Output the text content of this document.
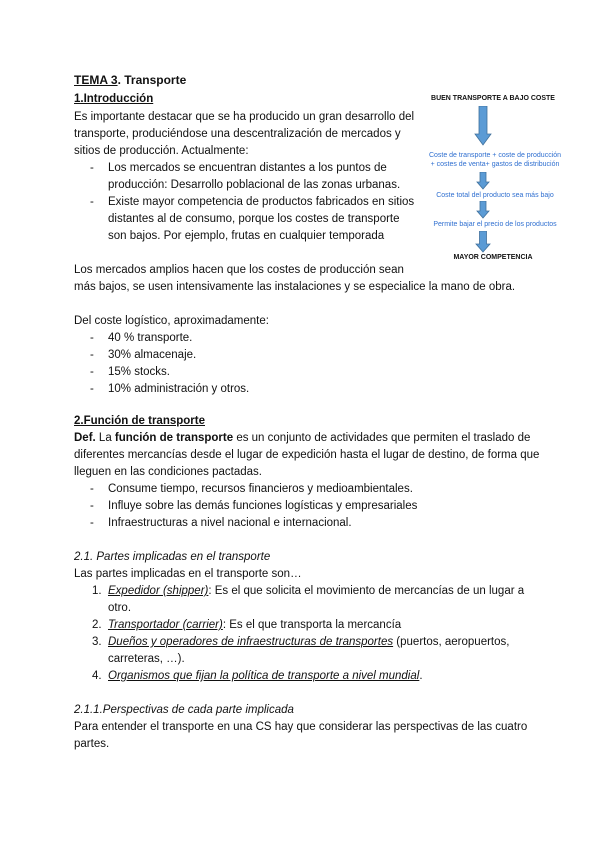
TEMA 3. Transporte
1.Introducción
Es importante destacar que se ha producido un gran desarrollo del
transporte, produciéndose una descentralización de mercados y
sitios de producción. Actualmente:
- Los mercados se encuentran distantes a los puntos de
producción: Desarrollo poblacional de las zonas urbanas.
- Existe mayor competencia de productos fabricados en sitios
distantes al de consumo, porque los costes de transporte
son bajos. Por ejemplo, frutas en cualquier temporada
Los mercados amplios hacen que los costes de producción sean
más bajos, se usen intensivamente las instalaciones y se especialice la mano de obra.
Del coste logístico, aproximadamente:
- 40 % transporte.
- 30% almacenaje.
- 15% stocks.
- 10% administración y otros.
BUEN TRANSPORTE A BAJO COSTE
Coste de transporte + coste de producción
+ costes de venta+ gastos de distribución
Coste total del producto sea más bajo
Permite bajar el precio de los productos
MAYOR COMPETENCIA
2.Función de transporte
Def. La función de transporte es un conjunto de actividades que permiten el traslado de
diferentes mercancías desde el lugar de expedición hasta el lugar de destino, de forma que
lleguen en las condiciones pactadas.
- Consume tiempo, recursos financieros y medioambientales.
- Influye sobre las demás funciones logísticas y empresariales
- Infraestructuras a nivel nacional e internacional.
2.1. Partes implicadas en el transporte
Las partes implicadas en el transporte son…
1. Expedidor (shipper): Es el que solicita el movimiento de mercancías de un lugar a
otro.
2. Transportador (carrier): Es el que transporta la mercancía
3. Dueños y operadores de infraestructuras de transportes (puertos, aeropuertos,
carreteras, …).
4. Organismos que fijan la política de transporte a nivel mundial.
2.1.1.Perspectivas de cada parte implicada
Para entender el transporte en una CS hay que considerar las perspectivas de las cuatro
partes.
